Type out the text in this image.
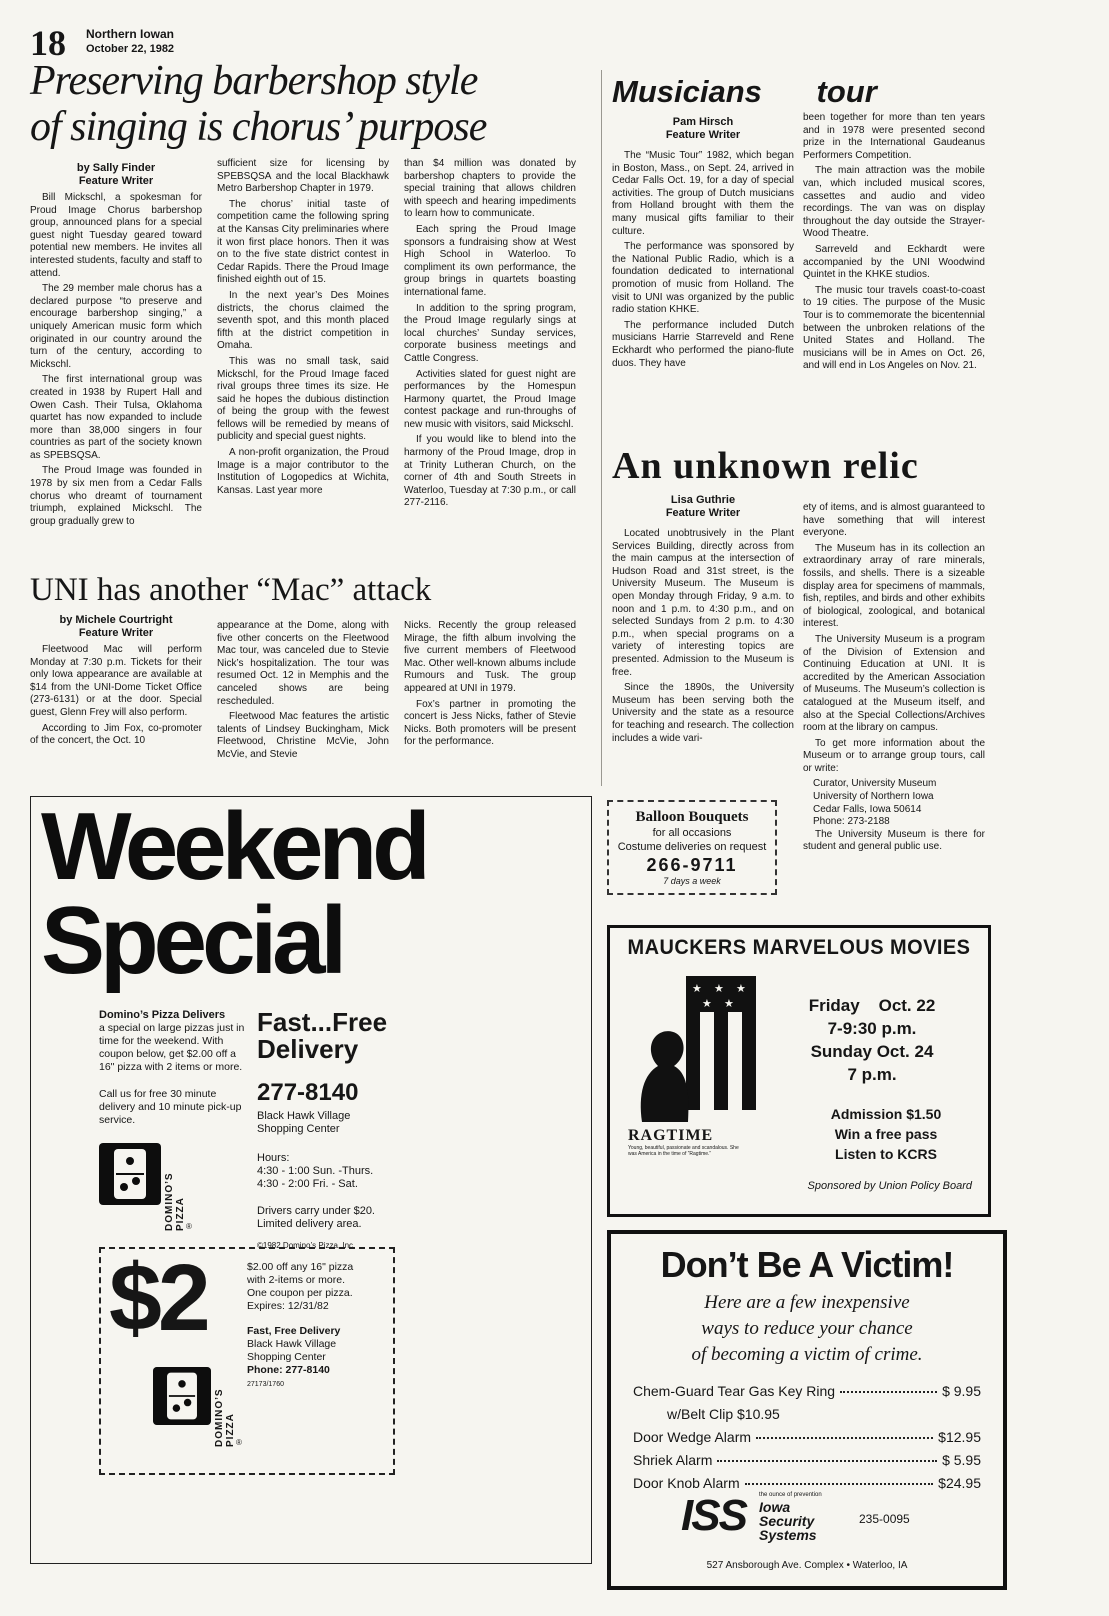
18 Northern Iowan
October 22, 1982
Preserving barbershop style
of singing is chorus’ purpose
by Sally Finder
Feature Writer

Bill Mickschl, a spokesman for Proud Image Chorus barbershop group, announced plans for a special guest night Tuesday geared toward potential new members. He invites all interested students, faculty and staff to attend.

The 29 member male chorus has a declared purpose “to preserve and encourage barbershop singing,” a uniquely American music form which originated in our country around the turn of the century, according to Mickschl.

The first international group was created in 1938 by Rupert Hall and Owen Cash. Their Tulsa, Oklahoma quartet has now expanded to include more than 38,000 singers in four countries as part of the society known as SPEBSQSA.

The Proud Image was founded in 1978 by six men from a Cedar Falls chorus who dreamt of tournament triumph, explained Mickschl. The group gradually grew to

sufficient size for licensing by SPEBSQSA and the local Blackhawk Metro Barbershop Chapter in 1979.

The chorus’ initial taste of competition came the following spring at the Kansas City preliminaries where it won first place honors. Then it was on to the five state district contest in Cedar Rapids. There the Proud Image finished eighth out of 15.

In the next year’s Des Moines districts, the chorus claimed the seventh spot, and this month placed fifth at the district competition in Omaha.

This was no small task, said Mickschl, for the Proud Image faced rival groups three times its size. He said he hopes the dubious distinction of being the group with the fewest fellows will be remedied by means of publicity and special guest nights.

A non-profit organization, the Proud Image is a major contributor to the Institution of Logopedics at Wichita, Kansas. Last year more

than $4 million was donated by barbershop chapters to provide the special training that allows children with speech and hearing impediments to learn how to communicate.

Each spring the Proud Image sponsors a fundraising show at West High School in Waterloo. To compliment its own performance, the group brings in quartets boasting international fame.

In addition to the spring program, the Proud Image regularly sings at local churches’ Sunday services, corporate business meetings and Cattle Congress.

Activities slated for guest night are performances by the Homespun Harmony quartet, the Proud Image contest package and run-throughs of new music with visitors, said Mickschl.

If you would like to blend into the harmony of the Proud Image, drop in at Trinity Lutheran Church, on the corner of 4th and South Streets in Waterloo, Tuesday at 7:30 p.m., or call 277-2116.

Musicians tour
Pam Hirsch
Feature Writer

The “Music Tour” 1982, which began in Boston, Mass., on Sept. 24, arrived in Cedar Falls Oct. 19, for a day of special activities. The group of Dutch musicians from Holland brought with them the many musical gifts familiar to their culture.

The performance was sponsored by the National Public Radio, which is a foundation dedicated to international promotion of music from Holland. The visit to UNI was organized by the public radio station KHKE.

The performance included Dutch musicians Harrie Starreveld and Rene Eckhardt who performed the piano-flute duos. They have

been together for more than ten years and in 1978 were presented second prize in the International Gaudeanus Performers Competition.

The main attraction was the mobile van, which included musical scores, cassettes and audio and video recordings. The van was on display throughout the day outside the Strayer-Wood Theatre.

Sarreveld and Eckhardt were accompanied by the UNI Woodwind Quintet in the KHKE studios.

The music tour travels coast-to-coast to 19 cities. The purpose of the Music Tour is to commemorate the bicentennial between the unbroken relations of the United States and Holland. The musicians will be in Ames on Oct. 26, and will end in Los Angeles on Nov. 21.

An unknown relic
Lisa Guthrie
Feature Writer

Located unobtrusively in the Plant Services Building, directly across from the main campus at the intersection of Hudson Road and 31st street, is the University Museum. The Museum is open Monday through Friday, 9 a.m. to noon and 1 p.m. to 4:30 p.m., and on selected Sundays from 2 p.m. to 4:30 p.m., when special programs on a variety of interesting topics are presented. Admission to the Museum is free.

Since the 1890s, the University Museum has been serving both the University and the state as a resource for teaching and research. The collection includes a wide vari-

ety of items, and is almost guaranteed to have something that will interest everyone.

The Museum has in its collection an extraordinary array of rare minerals, fossils, and shells. There is a sizeable display area for specimens of mammals, fish, reptiles, and birds and other exhibits of biological, zoological, and botanical interest.

The University Museum is a program of the Division of Extension and Continuing Education at UNI. It is accredited by the American Association of Museums. The Museum’s collection is catalogued at the Museum itself, and also at the Special Collections/Archives room at the library on campus.

To get more information about the Museum or to arrange group tours, call or write:

Curator, University Museum

University of Northern Iowa

Cedar Falls, Iowa 50614

Phone: 273-2188

The University Museum is there for student and general public use.

UNI has another “Mac” attack
by Michele Courtright
Feature Writer

Fleetwood Mac will perform Monday at 7:30 p.m. Tickets for their only Iowa appearance are available at $14 from the UNI-Dome Ticket Office (273-6131) or at the door. Special guest, Glenn Frey will also perform.

According to Jim Fox, co-promoter of the concert, the Oct. 10

appearance at the Dome, along with five other concerts on the Fleetwood Mac tour, was canceled due to Stevie Nick’s hospitalization. The tour was resumed Oct. 12 in Memphis and the canceled shows are being rescheduled.

Fleetwood Mac features the artistic talents of Lindsey Buckingham, Mick Fleetwood, Christine McVie, John McVie, and Stevie

Nicks. Recently the group released Mirage, the fifth album involving the five current members of Fleetwood Mac. Other well-known albums include Rumours and Tusk. The group appeared at UNI in 1979.

Fox’s partner in promoting the concert is Jess Nicks, father of Stevie Nicks. Both promoters will be present for the performance.

Weekend
Special
Domino’s Pizza Delivers
a special on large pizzas just in time for the weekend. With coupon below, get $2.00 off a 16" pizza with 2 items or more.
Call us for free 30 minute delivery and 10 minute pick-up service.
DOMINO’S PIZZA ®
Fast...Free
Delivery
277-8140
Black Hawk Village
Shopping Center
Hours:
4:30 - 1:00 Sun. -Thurs.
4:30 - 2:00 Fri. - Sat.
Drivers carry under $20.
Limited delivery area.
©1982 Domino’s Pizza, Inc.
$2	$2.00 off any 16" pizza
with 2-items or more.
One coupon per pizza.
Expires: 12/31/82
Fast, Free Delivery
Black Hawk Village
Shopping Center
Phone: 277-8140
27173/1760
DOMINO’S PIZZA ®
Balloon Bouquets
for all occasions
Costume deliveries on request
266-9711
7 days a week
MAUCKERS MARVELOUS MOVIES
★ ★ ★
★ ★
RAGTIME
Young, beautiful, passionate and scandalous. She was America in the time of “Ragtime.”
Friday    Oct. 22
7-9:30 p.m.
Sunday Oct. 24
7 p.m.
Admission $1.50
Win a free pass
Listen to KCRS
Sponsored by Union Policy Board
Don’t Be A Victim!
Here are a few inexpensive
ways to reduce your chance
of becoming a victim of crime.
Chem-Guard Tear Gas Key Ring	$ 9.95
w/Belt Clip $10.95
Door Wedge Alarm	$12.95
Shriek Alarm	$ 5.95
Door Knob Alarm	$24.95
ISS the ounce of prevention
Iowa
Security
Systems
235-0095
527 Ansborough Ave. Complex • Waterloo, IA
